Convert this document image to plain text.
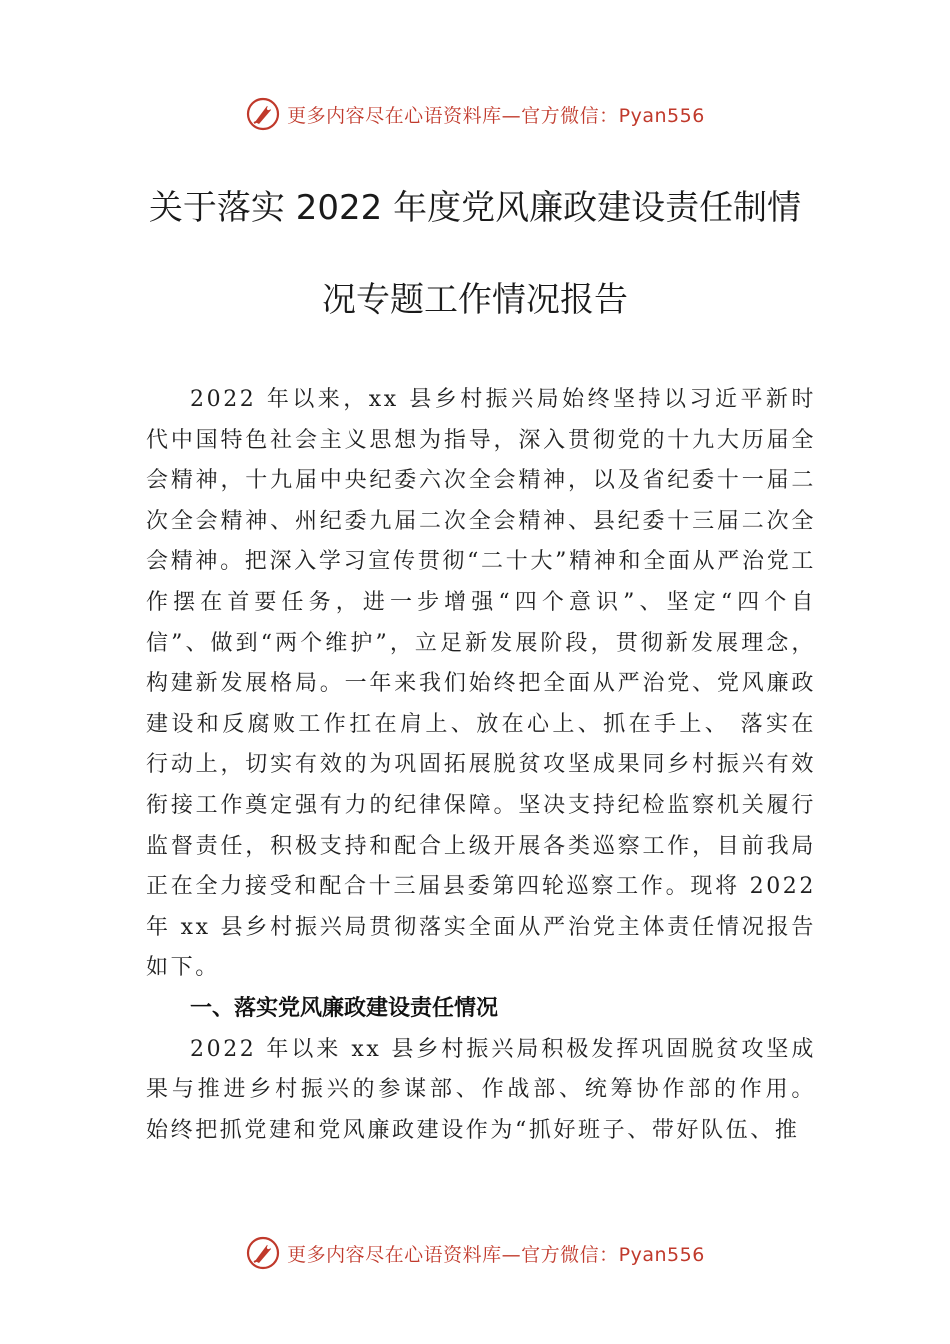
更多内容尽在心语资料库—官方微信：Pyan556
关于落实 2022 年度党风廉政建设责任制情
况专题工作情况报告

2022 年以来，xx 县乡村振兴局始终坚持以习近平新时代中国特色社会主义思想为指导，深入贯彻党的十九大历届全会精神，十九届中央纪委六次全会精神，以及省纪委十一届二次全会精神、州纪委九届二次全会精神、县纪委十三届二次全会精神。把深入学习宣传贯彻“二十大”精神和全面从严治党工作摆在首要任务，进一步增强“四个意识”、坚定“四个自信”、做到“两个维护”，立足新发展阶段，贯彻新发展理念，构建新发展格局。一年来我们始终把全面从严治党、党风廉政建设和反腐败工作扛在肩上、放在心上、抓在手上、 落实在行动上，切实有效的为巩固拓展脱贫攻坚成果同乡村振兴有效衔接工作奠定强有力的纪律保障。坚决支持纪检监察机关履行监督责任，积极支持和配合上级开展各类巡察工作，目前我局正在全力接受和配合十三届县委第四轮巡察工作。现将 2022 年 xx 县乡村振兴局贯彻落实全面从严治党主体责任情况报告如下。

一、落实党风廉政建设责任情况

2022 年以来 xx 县乡村振兴局积极发挥巩固脱贫攻坚成果与推进乡村振兴的参谋部、作战部、统筹协作部的作用。 始终把抓党建和党风廉政建设作为“抓好班子、带好队伍、推

更多内容尽在心语资料库—官方微信：Pyan556
